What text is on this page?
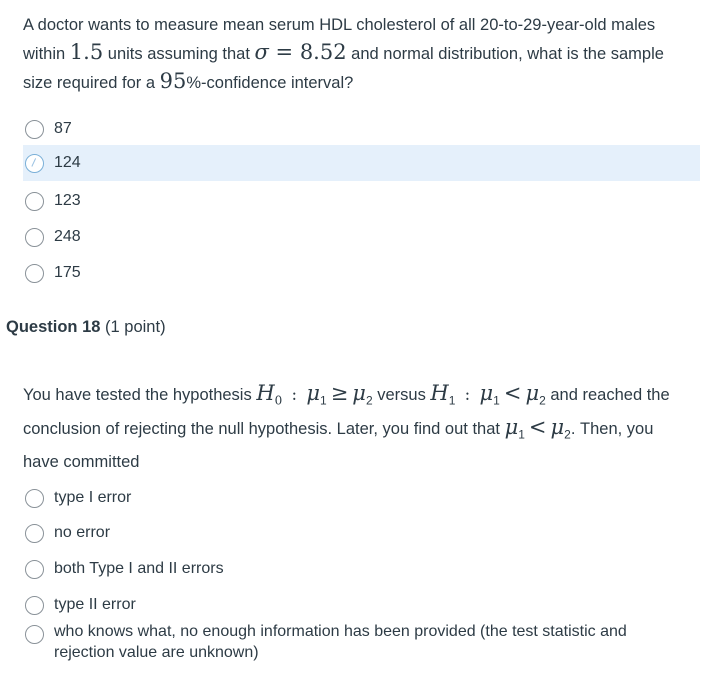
A doctor wants to measure mean serum HDL cholesterol of all 20-to-29-year-old males within 1.5 units assuming that σ = 8.52 and normal distribution, what is the sample size required for a 95%-confidence interval?
87
124
123
248
175
Question 18 (1 point)
You have tested the hypothesis $H_0$ : $\mu_1 \ge \mu_2$ versus $H_1$ : $\mu_1 < \mu_2$ and reached the conclusion of rejecting the null hypothesis. Later, you find out that $\mu_1 < \mu_2$. Then, you have committed
type I error
no error
both Type I and II errors
type II error
who knows what, no enough information has been provided (the test statistic and rejection value are unknown)
